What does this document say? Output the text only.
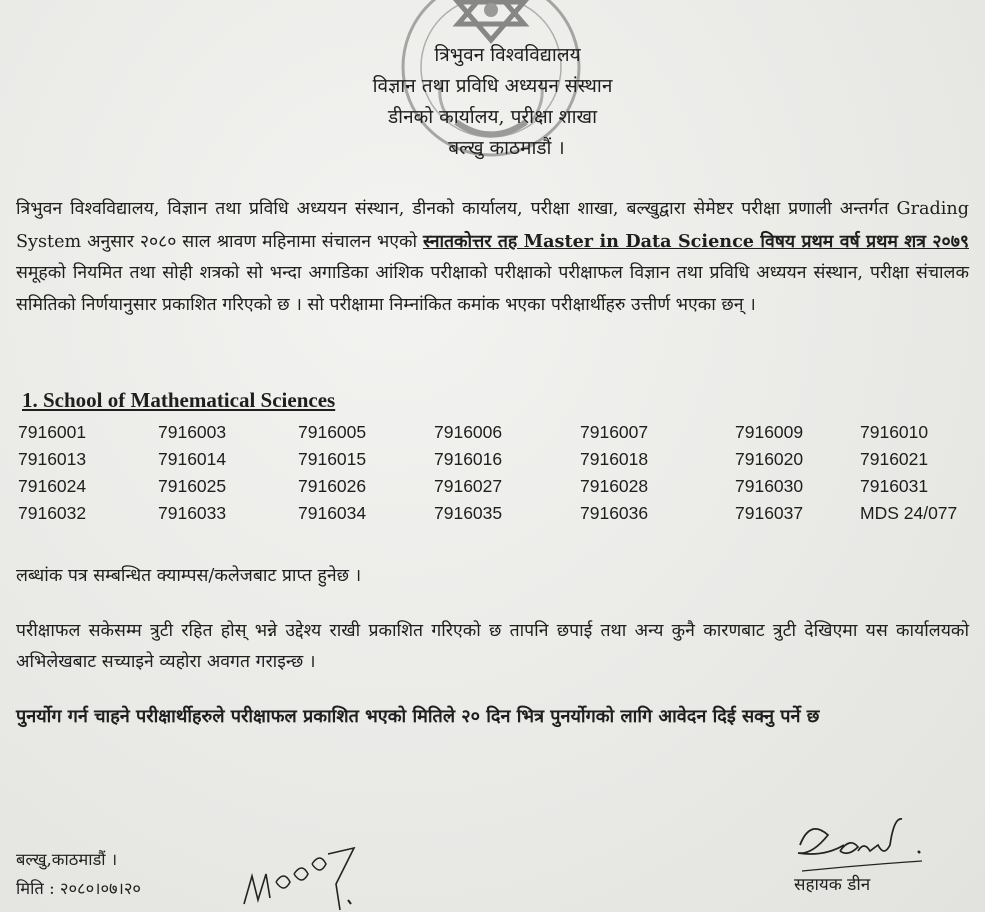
त्रिभुवन विश्वविद्यालय
विज्ञान तथा प्रविधि अध्ययन संस्थान
डीनको कार्यालय, परीक्षा शाखा
बल्खु काठमाडौं ।
त्रिभुवन विश्वविद्यालय, विज्ञान तथा प्रविधि अध्ययन संस्थान, डीनको कार्यालय, परीक्षा शाखा, बल्खुद्वारा सेमेष्टर परीक्षा प्रणाली अन्तर्गत Grading System अनुसार २०८० साल श्रावण महिनामा संचालन भएको स्नातकोत्तर तह Master in Data Science विषय प्रथम वर्ष प्रथम शत्र २०७९ समूहको नियमित तथा सोही शत्रको सो भन्दा अगाडिका आंशिक परीक्षाको परीक्षाको परीक्षाफल विज्ञान तथा प्रविधि अध्ययन संस्थान, परीक्षा संचालक समितिको निर्णयानुसार प्रकाशित गरिएको छ । सो परीक्षामा निम्नांकित कमांक भएका परीक्षार्थीहरु उत्तीर्ण भएका छन् ।
1. School of Mathematical Sciences
7916001	7916003	7916005	7916006	7916007	7916009	7916010
7916013	7916014	7916015	7916016	7916018	7916020	7916021
7916024	7916025	7916026	7916027	7916028	7916030	7916031
7916032	7916033	7916034	7916035	7916036	7916037	MDS 24/077
लब्धांक पत्र सम्बन्धित क्याम्पस/कलेजबाट प्राप्त हुनेछ ।
परीक्षाफल सकेसम्म त्रुटी रहित होस् भन्ने उद्देश्य राखी प्रकाशित गरिएको छ तापनि छपाई तथा अन्य कुनै कारणबाट त्रुटी देखिएमा यस कार्यालयको अभिलेखबाट सच्याइने व्यहोरा अवगत गराइन्छ ।
पुनर्योग गर्न चाहने परीक्षार्थीहरुले परीक्षाफल प्रकाशित भएको मितिले २० दिन भित्र पुनर्योगको लागि आवेदन दिई सक्नु पर्ने छ
बल्खु,काठमाडौं ।
मिति : २०८०।०७।२०	सहायक डीन
